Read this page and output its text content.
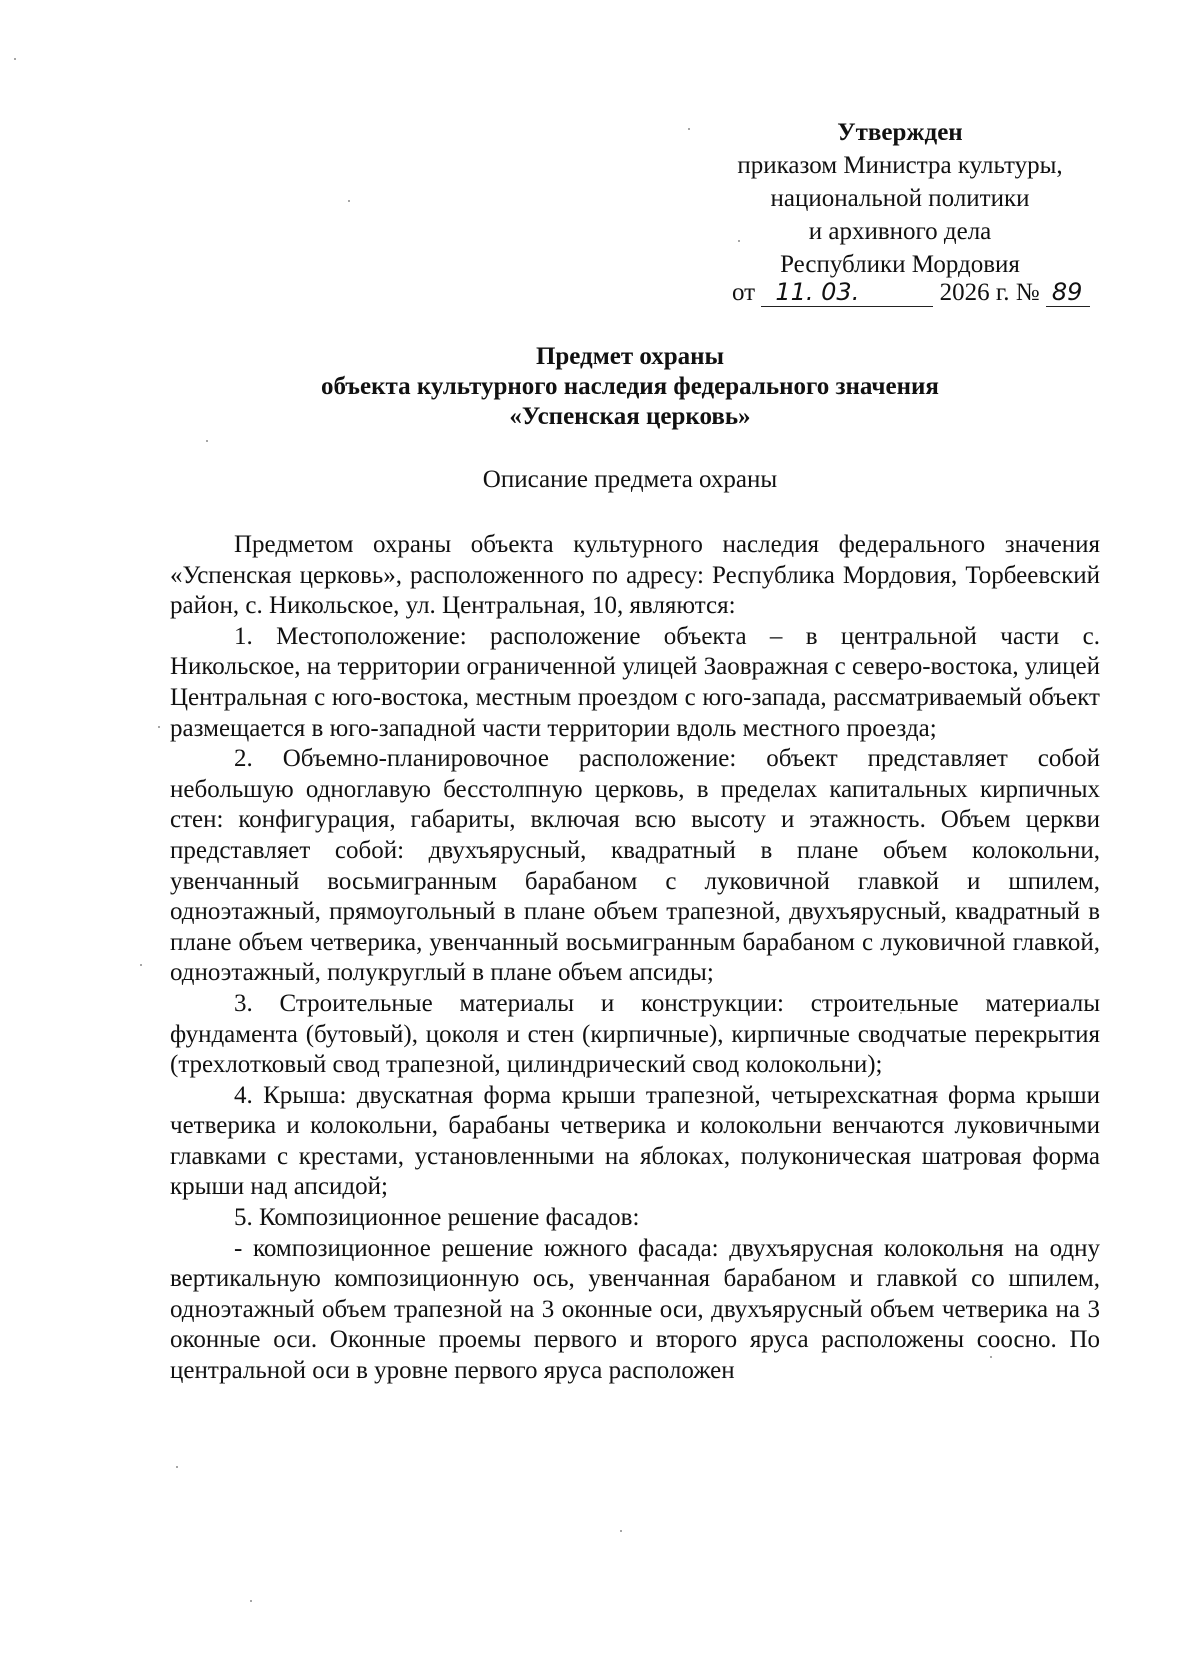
Утвержден
приказом Министра культуры,
национальной политики
и архивного дела
Республики Мордовия
от 11. 03.	2026 г. № 89
Предмет охраны
объекта культурного наследия федерального значения
«Успенская церковь»
Описание предмета охраны

Предметом охраны объекта культурного наследия федерального значения «Успенская церковь», расположенного по адресу: Республика Мордовия, Торбеевский район, с. Никольское, ул. Центральная, 10, являются:

1. Местоположение: расположение объекта – в центральной части с. Никольское, на территории ограниченной улицей Заовражная с северо-востока, улицей Центральная с юго-востока, местным проездом с юго-запада, рассматриваемый объект размещается в юго-западной части территории вдоль местного проезда;

2. Объемно-планировочное расположение: объект представляет собой небольшую одноглавую бесстолпную церковь, в пределах капитальных кирпичных стен: конфигурация, габариты, включая всю высоту и этажность. Объем церкви представляет собой: двухъярусный, квадратный в плане объем колокольни, увенчанный восьмигранным барабаном с луковичной главкой и шпилем, одноэтажный, прямоугольный в плане объем трапезной, двухъярусный, квадратный в плане объем четверика, увенчанный восьмигранным барабаном с луковичной главкой, одноэтажный, полукруглый в плане объем апсиды;

3. Строительные материалы и конструкции: строительные материалы фундамента (бутовый), цоколя и стен (кирпичные), кирпичные сводчатые перекрытия (трехлотковый свод трапезной, цилиндрический свод колокольни);

4. Крыша: двускатная форма крыши трапезной, четырехскатная форма крыши четверика и колокольни, барабаны четверика и колокольни венчаются луковичными главками с крестами, установленными на яблоках, полуконическая шатровая форма крыши над апсидой;

5. Композиционное решение фасадов:

- композиционное решение южного фасада: двухъярусная колокольня на одну вертикальную композиционную ось, увенчанная барабаном и главкой со шпилем, одноэтажный объем трапезной на 3 оконные оси, двухъярусный объем четверика на 3 оконные оси. Оконные проемы первого и второго яруса расположены соосно. По центральной оси в уровне первого яруса расположен
